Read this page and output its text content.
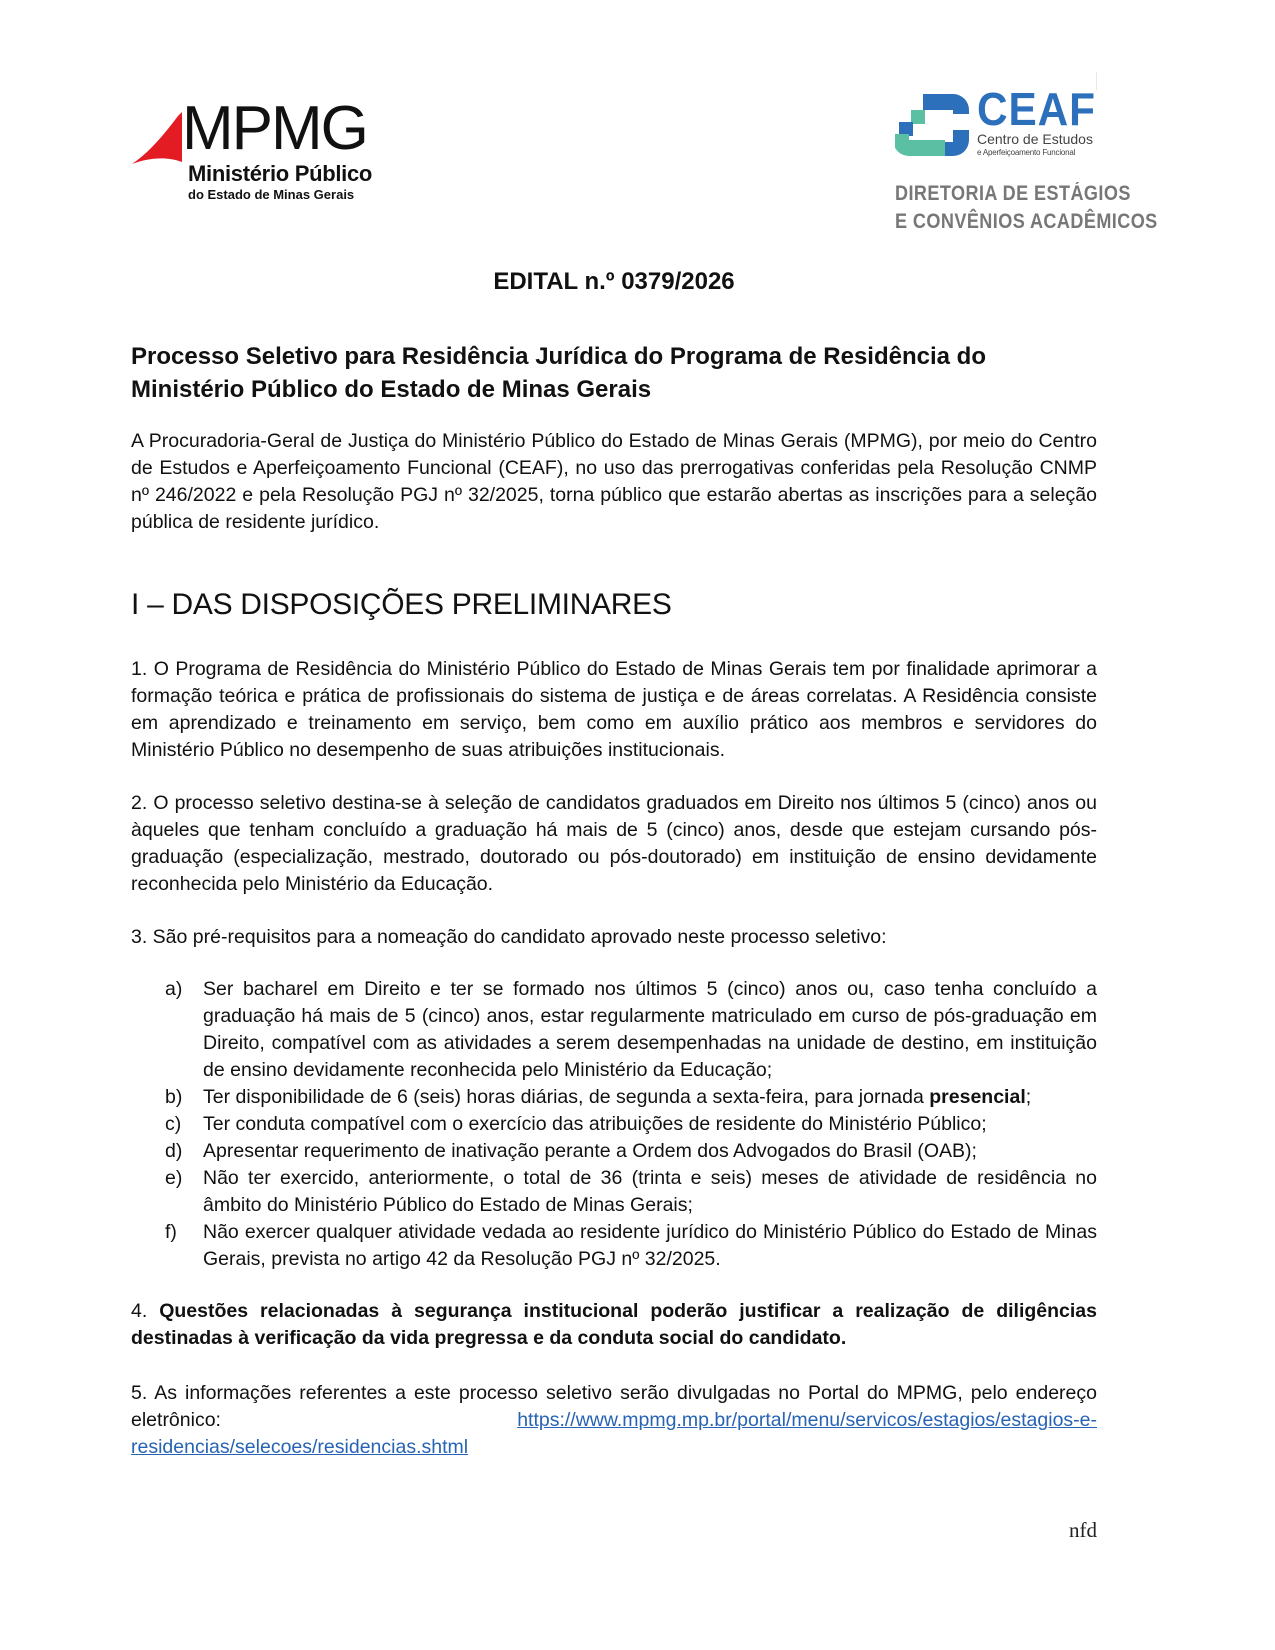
MPMG
Ministério Público
do Estado de Minas Gerais
CEAF
Centro de Estudos
e Aperfeiçoamento Funcional
DIRETORIA DE ESTÁGIOS
E CONVÊNIOS ACADÊMICOS
EDITAL n.º 0379/2026
Processo Seletivo para Residência Jurídica do Programa de Residência do Ministério Público do Estado de Minas Gerais

A Procuradoria-Geral de Justiça do Ministério Público do Estado de Minas Gerais (MPMG), por meio do Centro de Estudos e Aperfeiçoamento Funcional (CEAF), no uso das prerrogativas conferidas pela Resolução CNMP nº 246/2022 e pela Resolução PGJ nº 32/2025, torna público que estarão abertas as inscrições para a seleção pública de residente jurídico.

I – DAS DISPOSIÇÕES PRELIMINARES

1. O Programa de Residência do Ministério Público do Estado de Minas Gerais tem por finalidade aprimorar a formação teórica e prática de profissionais do sistema de justiça e de áreas correlatas. A Residência consiste em aprendizado e treinamento em serviço, bem como em auxílio prático aos membros e servidores do Ministério Público no desempenho de suas atribuições institucionais.

2. O processo seletivo destina-se à seleção de candidatos graduados em Direito nos últimos 5 (cinco) anos ou àqueles que tenham concluído a graduação há mais de 5 (cinco) anos, desde que estejam cursando pós-graduação (especialização, mestrado, doutorado ou pós-doutorado) em instituição de ensino devidamente reconhecida pelo Ministério da Educação.

3. São pré-requisitos para a nomeação do candidato aprovado neste processo seletivo:

a)	Ser bacharel em Direito e ter se formado nos últimos 5 (cinco) anos ou, caso tenha concluído a graduação há mais de 5 (cinco) anos, estar regularmente matriculado em curso de pós-graduação em Direito, compatível com as atividades a serem desempenhadas na unidade de destino, em instituição de ensino devidamente reconhecida pelo Ministério da Educação;
b)	Ter disponibilidade de 6 (seis) horas diárias, de segunda a sexta-feira, para jornada presencial;
c)	Ter conduta compatível com o exercício das atribuições de residente do Ministério Público;
d)	Apresentar requerimento de inativação perante a Ordem dos Advogados do Brasil (OAB);
e)	Não ter exercido, anteriormente, o total de 36 (trinta e seis) meses de atividade de residência no âmbito do Ministério Público do Estado de Minas Gerais;
f)	Não exercer qualquer atividade vedada ao residente jurídico do Ministério Público do Estado de Minas Gerais, prevista no artigo 42 da Resolução PGJ nº 32/2025.

4. Questões relacionadas à segurança institucional poderão justificar a realização de diligências destinadas à verificação da vida pregressa e da conduta social do candidato.

5. As informações referentes a este processo seletivo serão divulgadas no Portal do MPMG, pelo endereço eletrônico: https://www.mpmg.mp.br/portal/menu/servicos/estagios/estagios-e-residencias/selecoes/residencias.shtml

nfd
